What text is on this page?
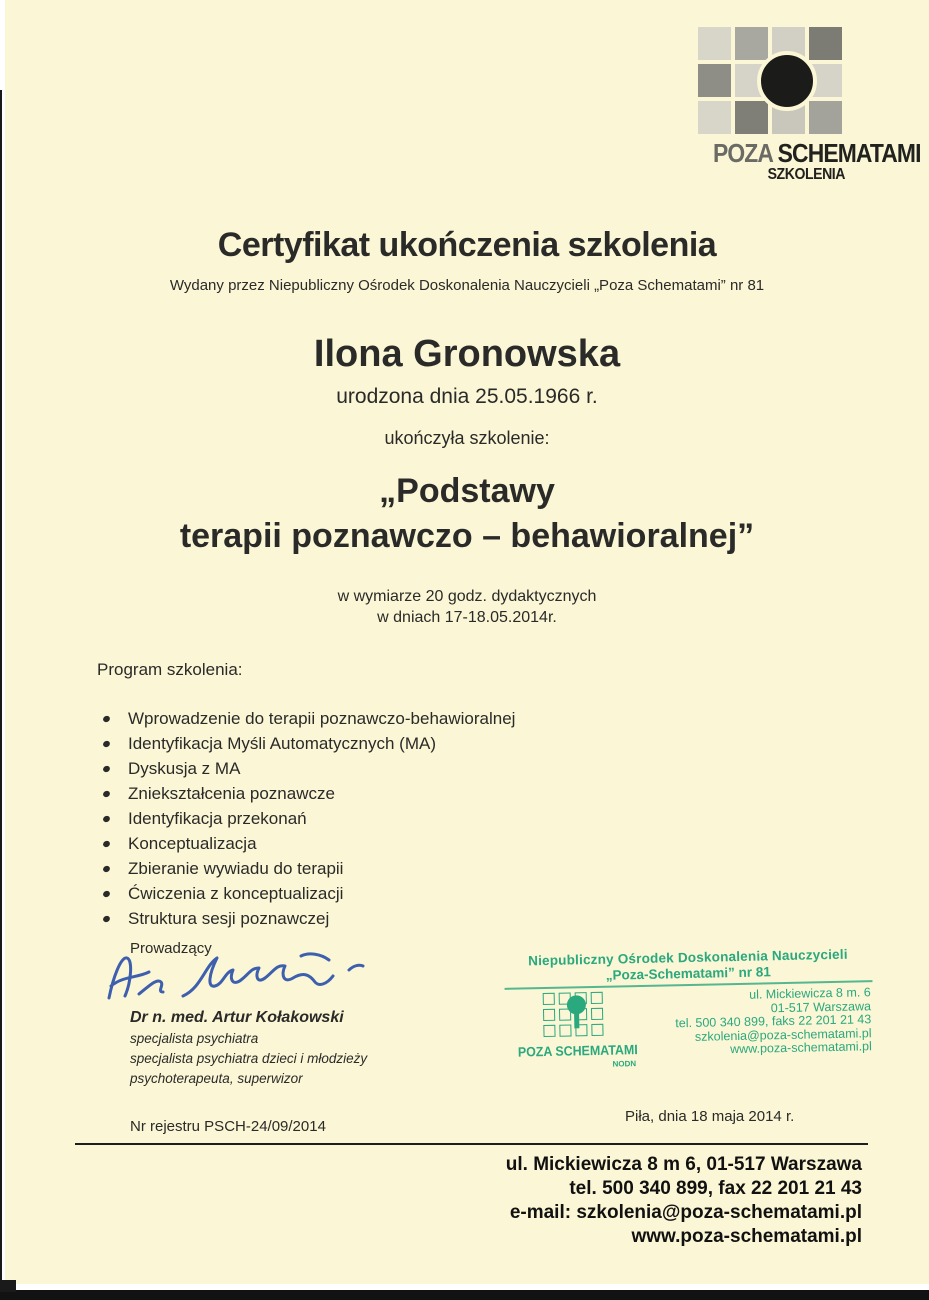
POZA SCHEMATAMI
SZKOLENIA
Certyfikat ukończenia szkolenia
Wydany przez Niepubliczny Ośrodek Doskonalenia Nauczycieli „Poza Schematami” nr 81
Ilona Gronowska
urodzona dnia 25.05.1966 r.
ukończyła szkolenie:
„Podstawy
terapii poznawczo – behawioralnej”
w wymiarze 20 godz. dydaktycznych
w dniach 17-18.05.2014r.

Program szkolenia:

Wprowadzenie do terapii poznawczo-behawioralnej
Identyfikacja Myśli Automatycznych (MA)
Dyskusja z MA
Zniekształcenia poznawcze
Identyfikacja przekonań
Konceptualizacja
Zbieranie wywiadu do terapii
Ćwiczenia z konceptualizacji
Struktura sesji poznawczej
Prowadzący
Dr n. med. Artur Kołakowski
specjalista psychiatra
specjalista psychiatra dzieci i młodzieży
psychoterapeuta, superwizor
Niepubliczny Ośrodek Doskonalenia Nauczycieli
„Poza-Schematami” nr 81
POZA SCHEMATAMI
NODN
ul. Mickiewicza 8 m. 6
01-517 Warszawa
tel. 500 340 899, faks 22 201 21 43
szkolenia@poza-schematami.pl
www.poza-schematami.pl
Nr rejestru PSCH-24/09/2014
Piła, dnia 18 maja 2014 r.
ul. Mickiewicza 8 m 6, 01-517 Warszawa
tel. 500 340 899, fax 22 201 21 43
e-mail: szkolenia@poza-schematami.pl
www.poza-schematami.pl
